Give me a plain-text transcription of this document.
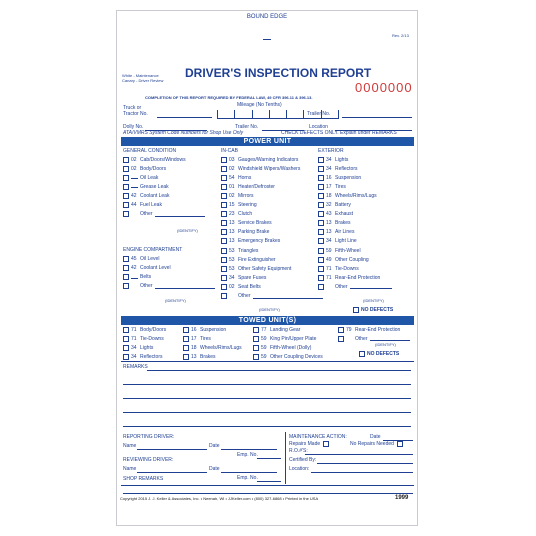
BOUND EDGE
Rev. 2/13
White - Maintenance
Canary - Driver Review
DRIVER'S INSPECTION REPORT
0000000
COMPLETION OF THIS REPORT REQUIRED BY FEDERAL LAW, 49 CFR 396.11 & 396.13.
Mileage (No Tenths)
Truck or Tractor No.	Trailer No.
Dolly No.	Trailer No.	Location
ATA/VMRS System Code Numbers for Shop Use Only	CHECK DEFECTS ONLY. Explain under REMARKS
POWER UNIT
GENERAL CONDITION	IN-CAB	EXTERIOR
ENGINE COMPARTMENT
02 Cab/Doors/Windows
02 Body/Doors
Oil Leak
Grease Leak
42 Coolant Leak
44 Fuel Leak
Other
45 Oil Level
42 Coolant Level
Belts
Other
03 Gauges/Warning Indicators
02 Windshield Wipers/Washers
54 Horns
01 Heater/Defroster
02 Mirrors
15 Steering
23 Clutch
13 Service Brakes
13 Parking Brake
13 Emergency Brakes
53 Triangles
53 Fire Extinguisher
53 Other Safety Equipment
34 Spare Fuses
02 Seat Belts
Other
34 Lights
34 Reflectors
16 Suspension
17 Tires
18 Wheels/Rims/Lugs
32 Battery
43 Exhaust
13 Brakes
13 Air Lines
34 Light Line
59 Fifth-Wheel
49 Other Coupling
71 Tie-Downs
71 Rear-End Protection
Other
(IDENTIFY)
(IDENTIFY)
(IDENTIFY)
(IDENTIFY)
NO DEFECTS
TOWED UNIT(S)
71 Body/Doors
71 Tie-Downs
34 Lights
34 Reflectors
16 Suspension
17 Tires
18 Wheels/Rims/Lugs
13 Brakes
77 Landing Gear
59 King Pin/Upper Plate
59 Fifth-Wheel (Dolly)
59 Other Coupling Devices
79 Rear-End Protection
Other
(IDENTIFY)
NO DEFECTS
REMARKS
REPORTING DRIVER:
Name	Date
Emp. No.
REVIEWING DRIVER:
Name	Date
Emp. No.
MAINTENANCE ACTION:	Date
Repairs Made	No Repairs Needed
R.O.#'S:
Certified By:
Location:
SHOP REMARKS
Copyright 2015 J. J. Keller & Associates, Inc. • Neenah, WI • JJKeller.com • (800) 327-6868 • Printed in the USA	1999
